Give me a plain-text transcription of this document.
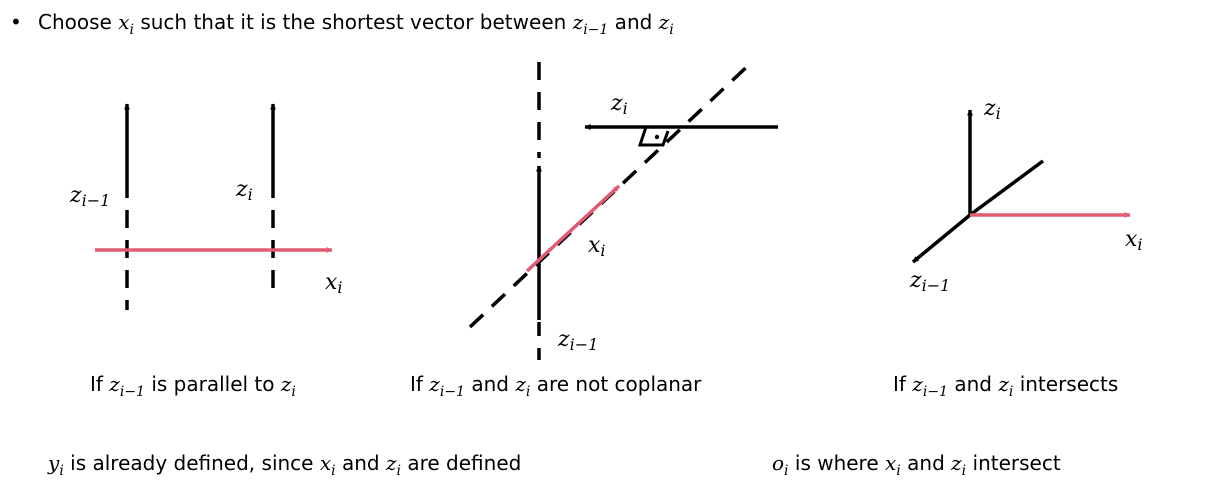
• Choose $x_i$ such that it is the shortest vector between $z_{i-1}$ and $z_i$
zi−1	zi
xi
If $z_{i-1}$ is parallel to $z_i$
zi
xi
zi−1
If $z_{i-1}$ and $z_i$ are not coplanar
zi
xi
zi−1
If $z_{i-1}$ and $z_i$ intersects
$y_i$ is already defined, since $x_i$ and $z_i$ are defined	$o_i$ is where $x_i$ and $z_i$ intersect
